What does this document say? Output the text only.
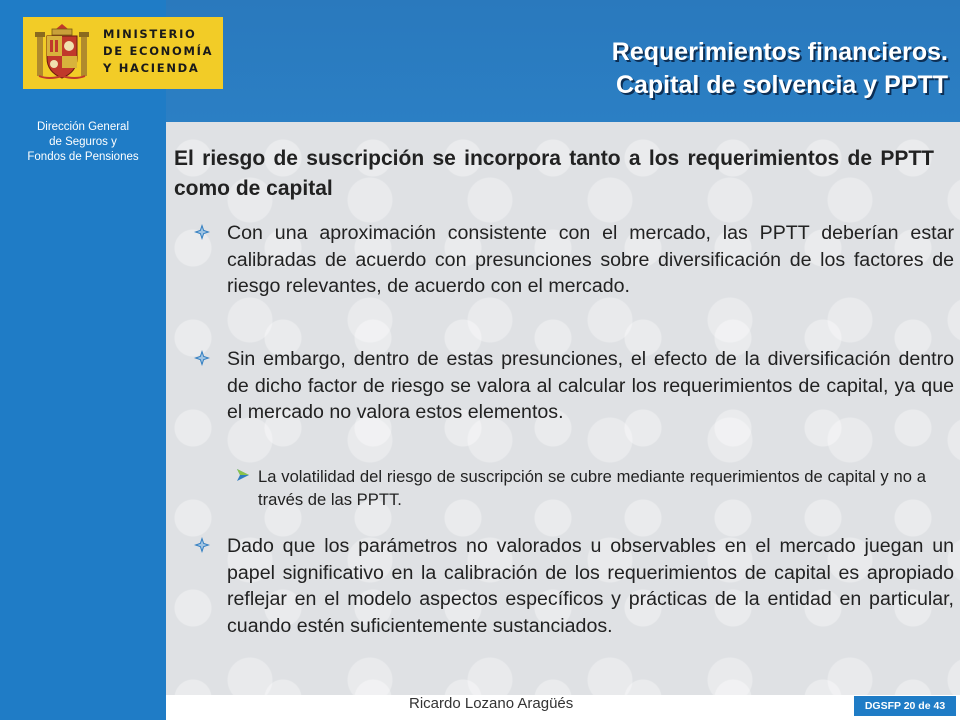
Dirección General
de Seguros y
Fondos de Pensiones
Requerimientos financieros.
Capital de solvencia y PPTT
MINISTERIO
DE ECONOMÍA
Y HACIENDA
El riesgo de suscripción se incorpora tanto a los requerimientos de PPTT como de capital
Con una aproximación consistente con el mercado, las PPTT deberían estar calibradas de acuerdo con presunciones sobre diversificación de los factores de riesgo relevantes, de acuerdo con el mercado.
Sin embargo, dentro de estas presunciones, el efecto de la diversificación dentro de dicho factor de riesgo se valora al calcular los requerimientos de capital, ya que el mercado no valora estos elementos.
La volatilidad del riesgo de suscripción se cubre mediante requerimientos de capital y no a través de las PPTT.
Dado que los parámetros no valorados u observables en el mercado juegan un papel significativo en la calibración de los requerimientos de capital es apropiado reflejar en el modelo aspectos específicos y prácticas de la entidad en particular, cuando estén suficientemente sustanciados.
Ricardo Lozano Aragüés	DGSFP 20 de 43
